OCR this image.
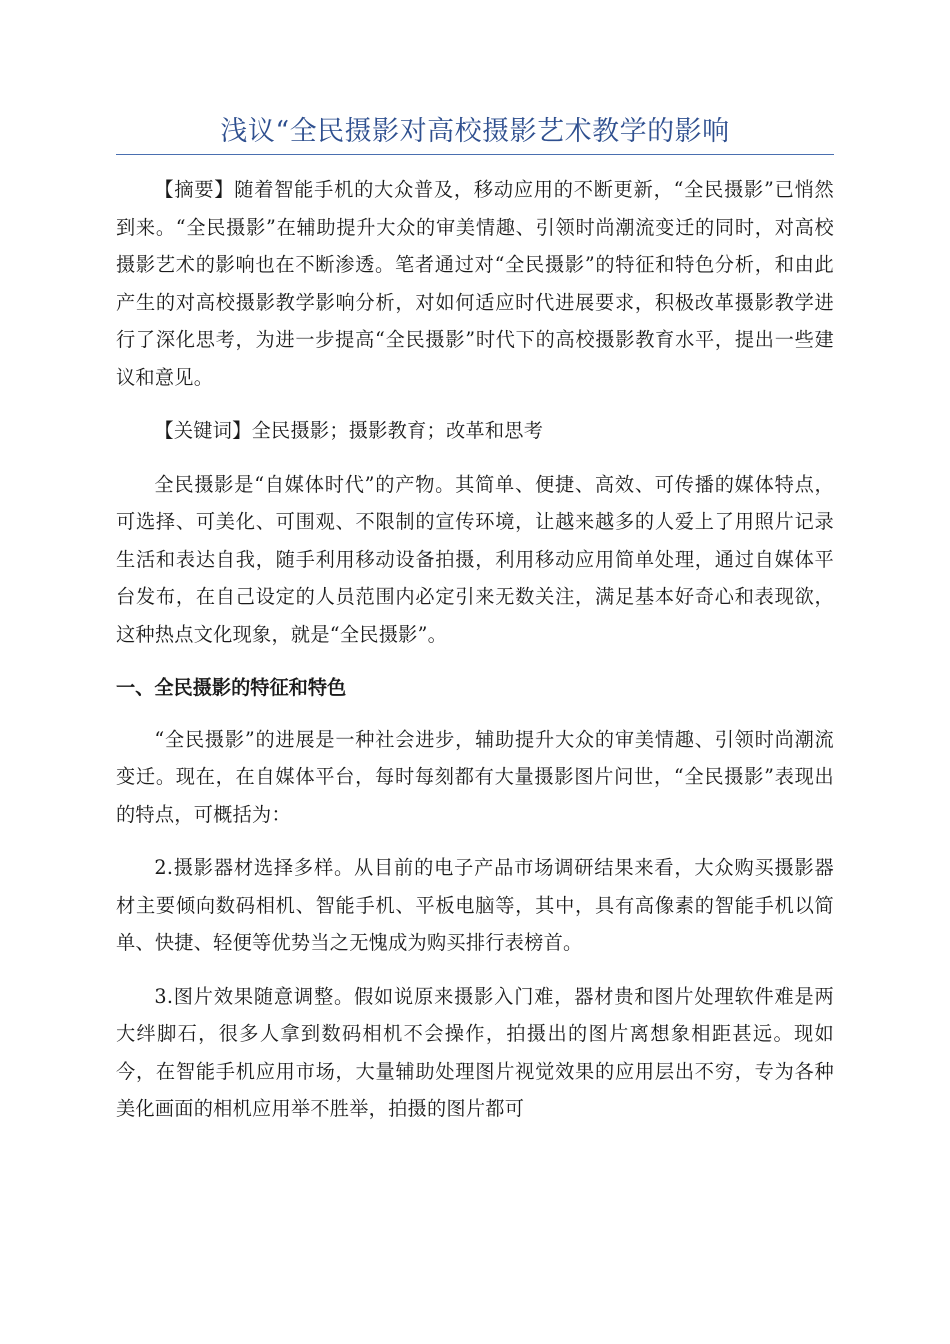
浅议“全民摄影对高校摄影艺术教学的影响

【摘要】随着智能手机的大众普及，移动应用的不断更新，“全民摄影”已悄然到来。“全民摄影”在辅助提升大众的审美情趣、引领时尚潮流变迁的同时，对高校摄影艺术的影响也在不断渗透。笔者通过对“全民摄影”的特征和特色分析，和由此产生的对高校摄影教学影响分析，对如何适应时代进展要求，积极改革摄影教学进行了深化思考，为进一步提高“全民摄影”时代下的高校摄影教育水平，提出一些建议和意见。

【关键词】全民摄影；摄影教育；改革和思考

全民摄影是“自媒体时代”的产物。其简单、便捷、高效、可传播的媒体特点，可选择、可美化、可围观、不限制的宣传环境，让越来越多的人爱上了用照片记录生活和表达自我，随手利用移动设备拍摄，利用移动应用简单处理，通过自媒体平台发布，在自己设定的人员范围内必定引来无数关注，满足基本好奇心和表现欲，这种热点文化现象，就是“全民摄影”。

一、全民摄影的特征和特色

“全民摄影”的进展是一种社会进步，辅助提升大众的审美情趣、引领时尚潮流变迁。现在，在自媒体平台，每时每刻都有大量摄影图片问世，“全民摄影”表现出的特点，可概括为：

2.摄影器材选择多样。从目前的电子产品市场调研结果来看，大众购买摄影器材主要倾向数码相机、智能手机、平板电脑等，其中，具有高像素的智能手机以简单、快捷、轻便等优势当之无愧成为购买排行表榜首。

3.图片效果随意调整。假如说原来摄影入门难，器材贵和图片处理软件难是两大绊脚石，很多人拿到数码相机不会操作，拍摄出的图片离想象相距甚远。现如今，在智能手机应用市场，大量辅助处理图片视觉效果的应用层出不穷，专为各种美化画面的相机应用举不胜举，拍摄的图片都可
